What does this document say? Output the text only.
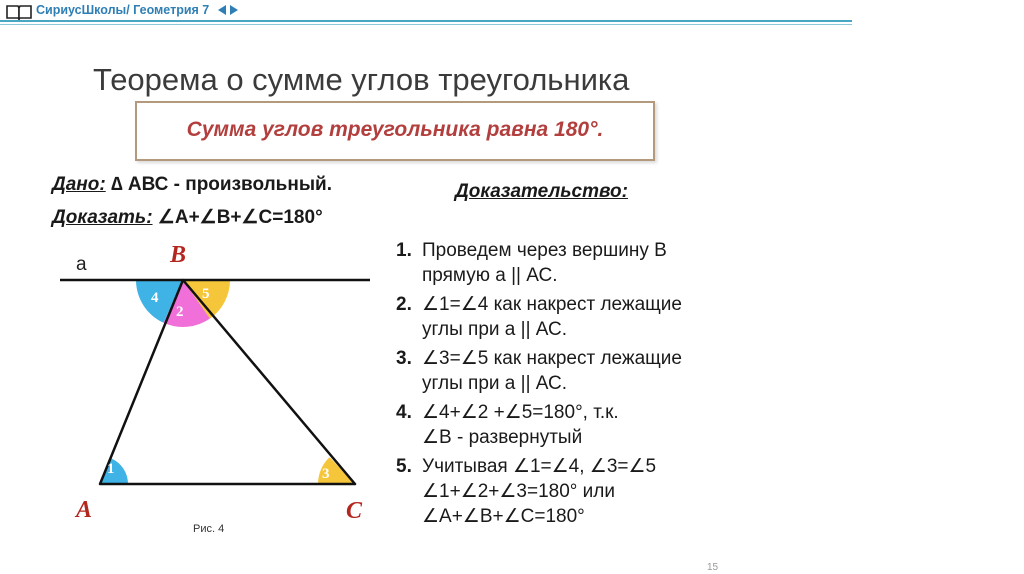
СириусШколы/ Геометрия 7
Теорема о сумме углов треугольника
Сумма углов треугольника равна 180°.
Дано: ∆ АВС - произвольный.
Доказать: ∠A+∠B+∠C=180°
Доказательство:
1. Проведем через вершину В
прямую а || АС.
2. ∠1=∠4 как накрест лежащие
углы при а || АС.
3. ∠3=∠5 как накрест лежащие
углы при а || АС.
4. ∠4+∠2 +∠5=180°, т.к.
∠В - развернутый
5. Учитывая ∠1=∠4, ∠3=∠5
∠1+∠2+∠3=180° или
∠A+∠B+∠C=180°
a	B
A	C
4
2
5
1	3
Рис. 4
15
